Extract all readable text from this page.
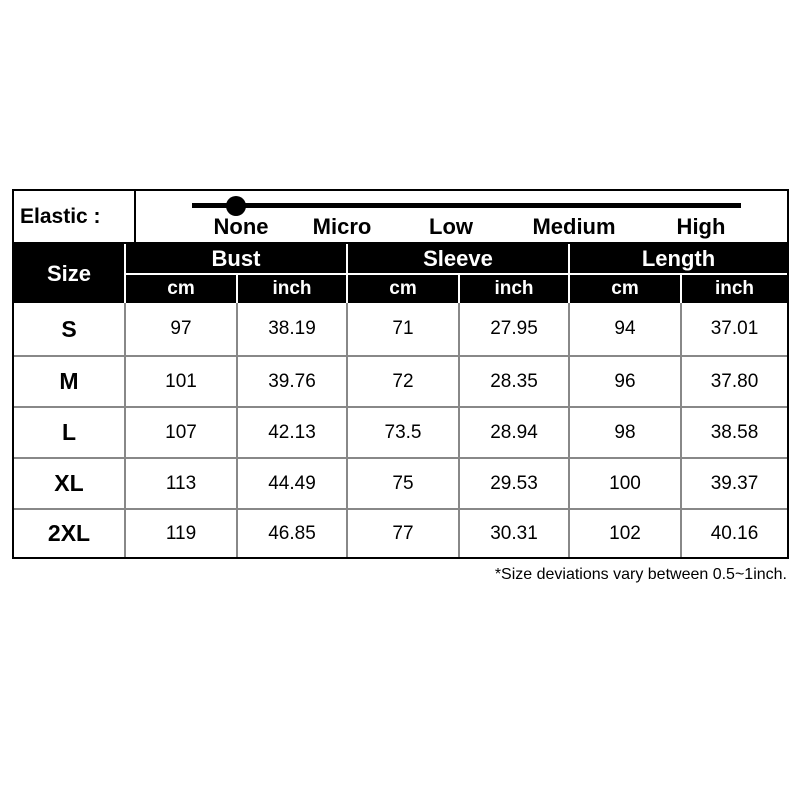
Elastic :	None Micro	Low	Medium	High
Size
Bust	Sleeve	Length
cm	inch	cm	inch	cm	inch
S	97	38.19	71	27.95	94	37.01
M	101	39.76	72	28.35	96	37.80
L	107	42.13	73.5	28.94	98	38.58
XL	113	44.49	75	29.53	100	39.37
2XL	119	46.85	77	30.31	102	40.16
*Size deviations vary between 0.5~1inch.
